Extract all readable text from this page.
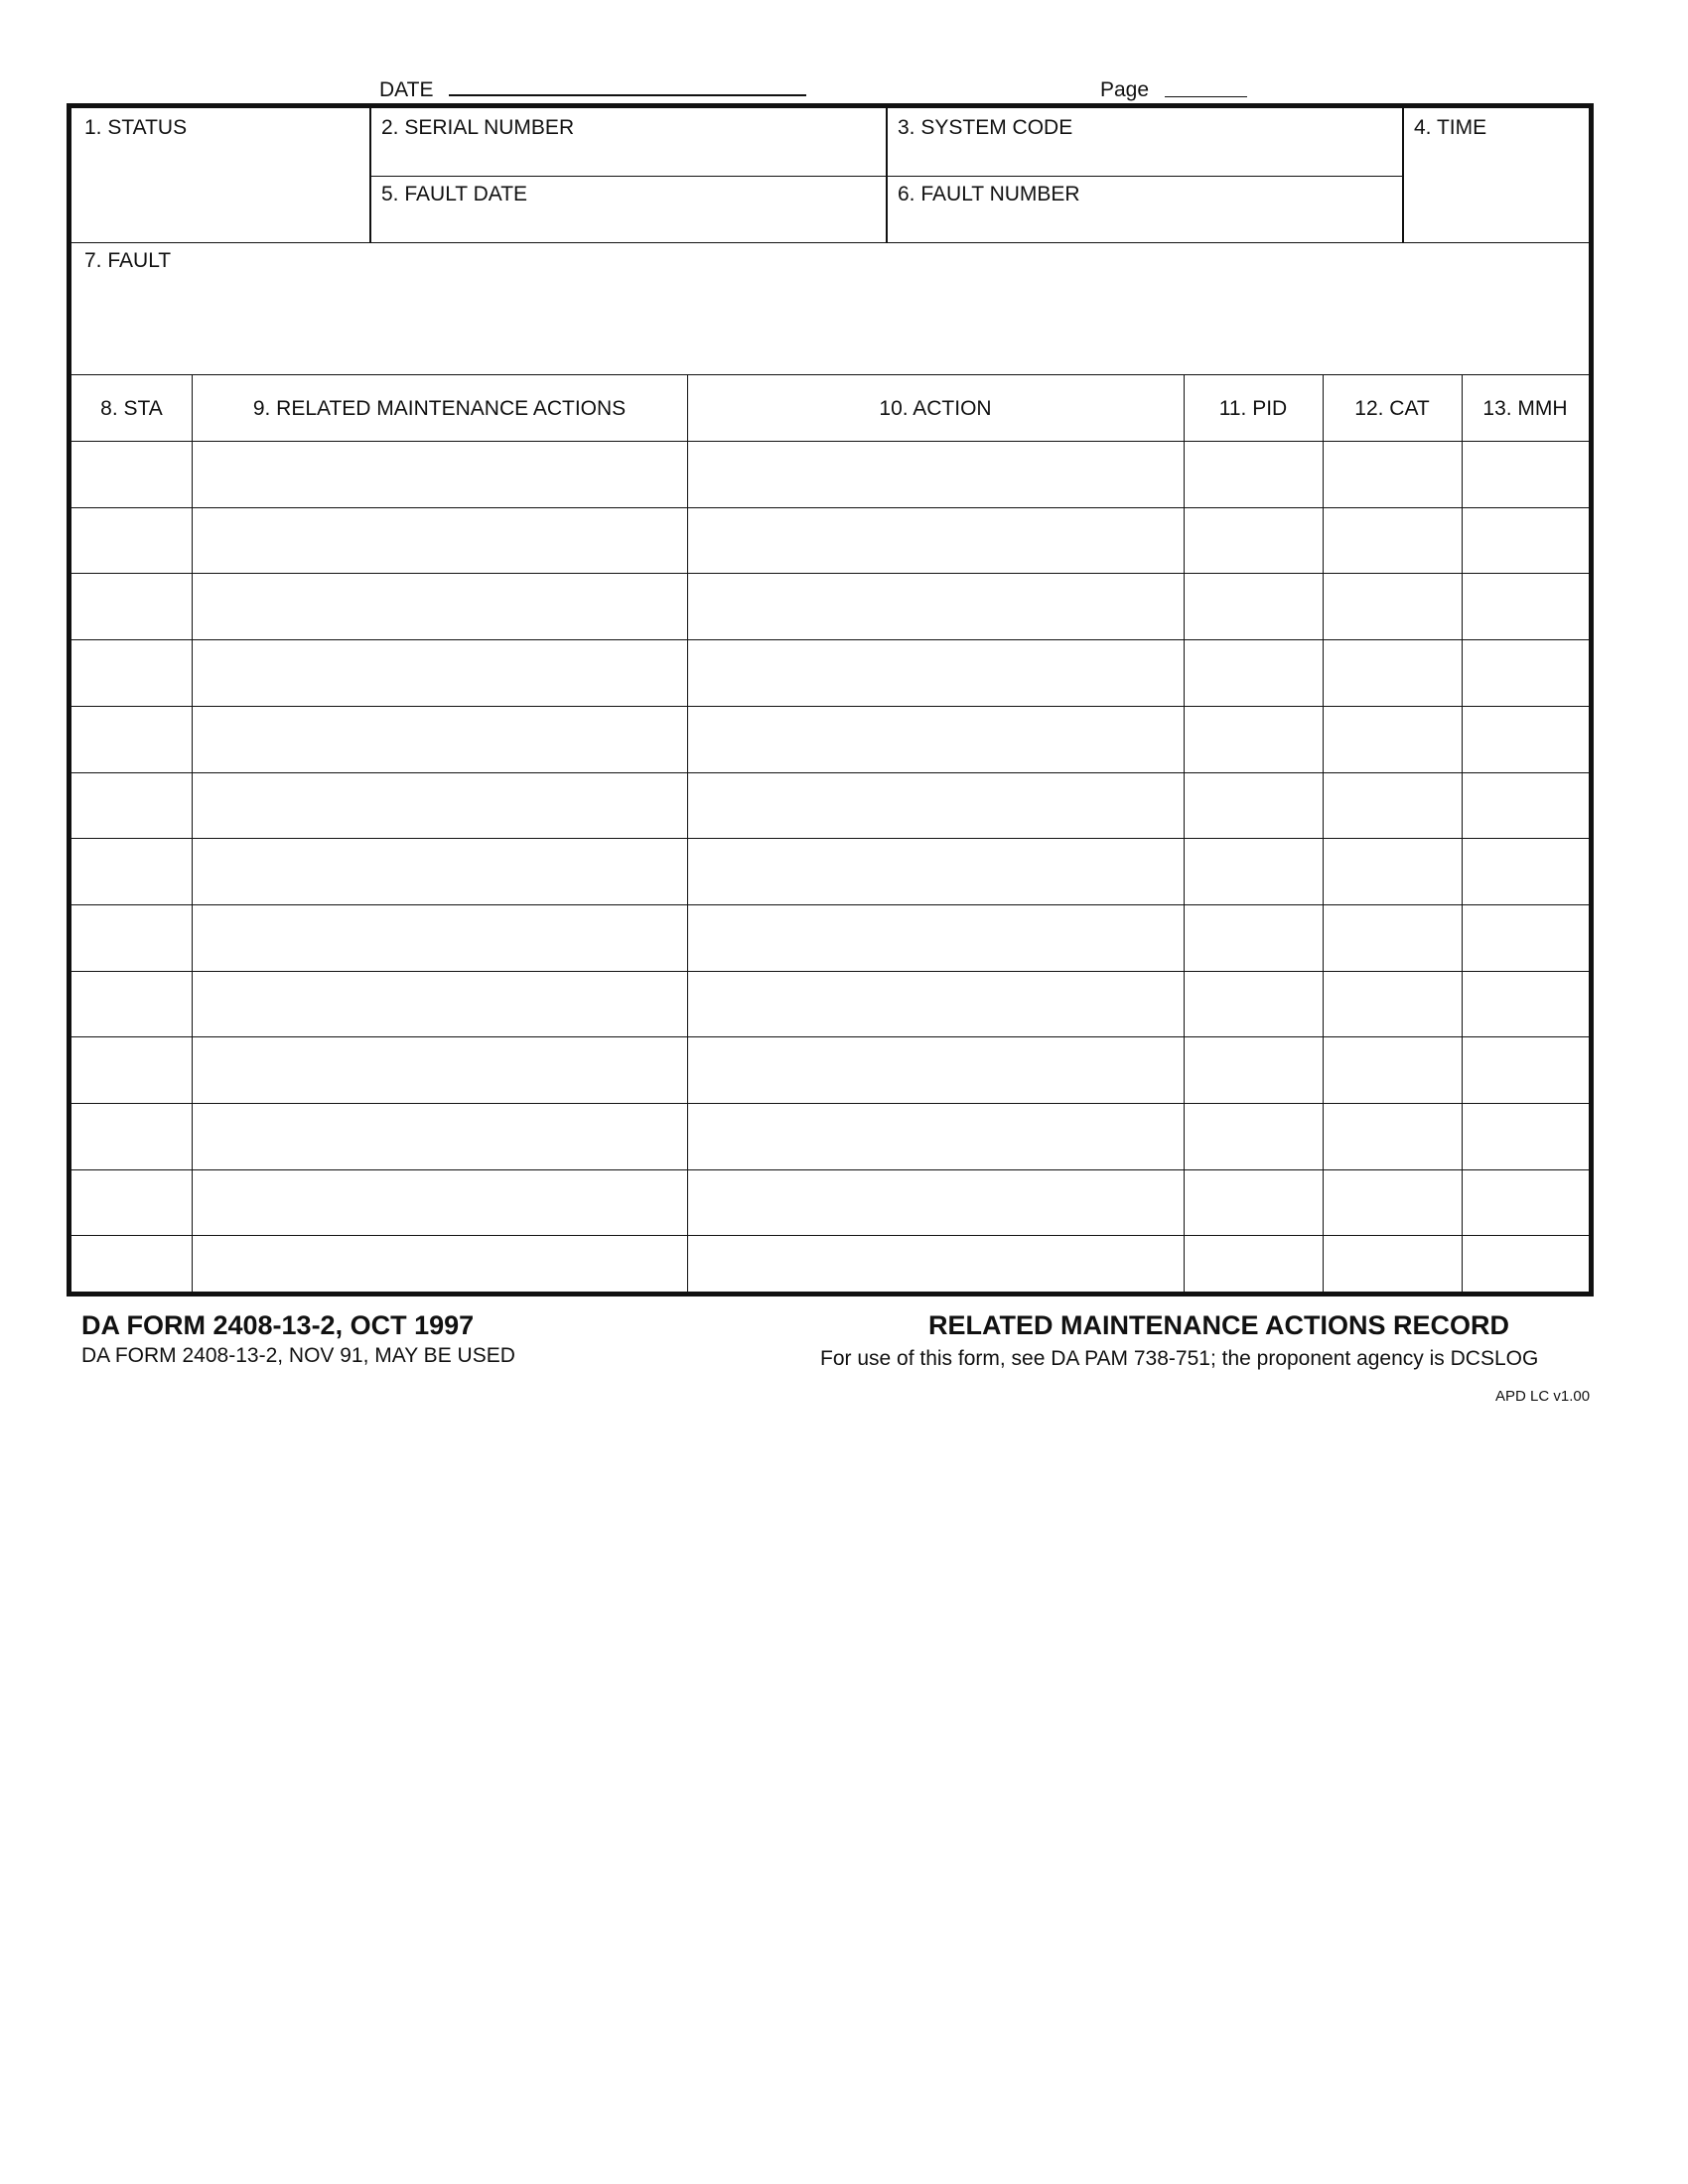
DATE	Page
1. STATUS	2. SERIAL NUMBER	3. SYSTEM CODE	4. TIME
5. FAULT DATE	6. FAULT NUMBER
7. FAULT
8. STA	9. RELATED MAINTENANCE ACTIONS	10. ACTION	11. PID	12. CAT	13. MMH
DA FORM 2408-13-2, OCT 1997
DA FORM 2408-13-2, NOV 91, MAY BE USED
RELATED MAINTENANCE ACTIONS RECORD
For use of this form, see DA PAM 738-751; the proponent agency is DCSLOG
APD LC v1.00
